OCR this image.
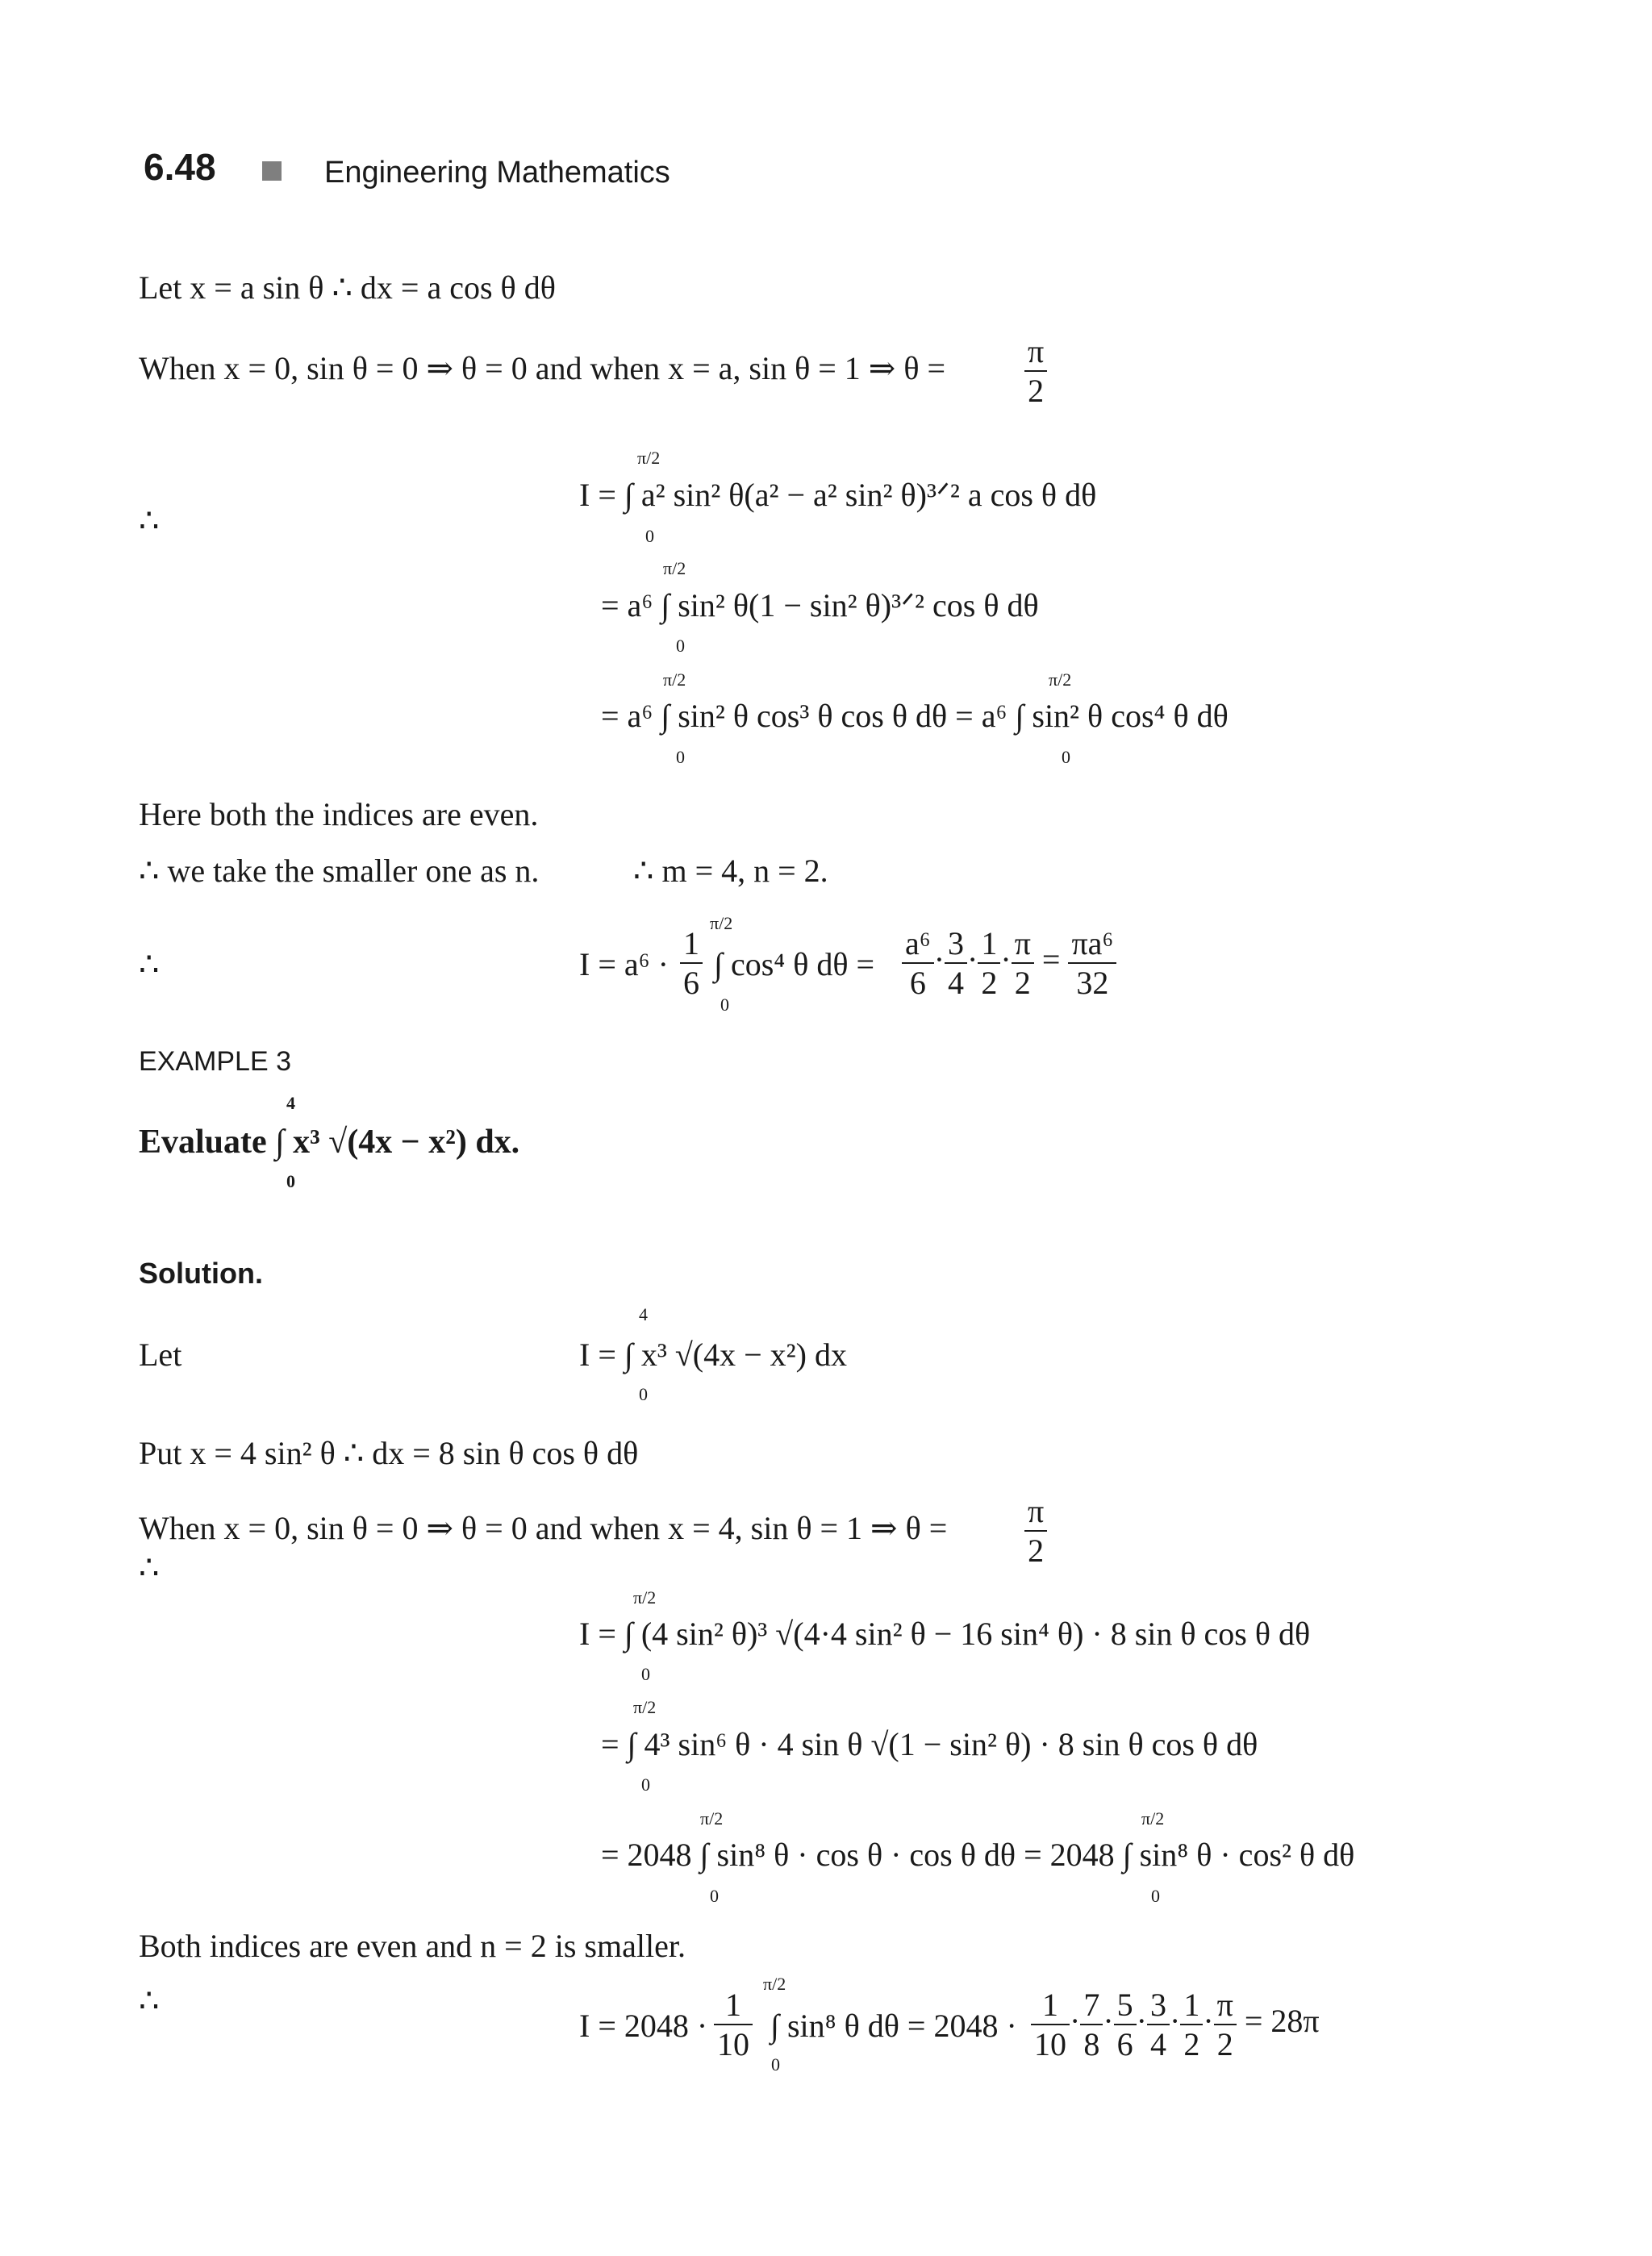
6.48	Engineering Mathematics
Let x = a sin θ ∴ dx = a cos θ dθ
When x = 0, sin θ = 0 ⇒ θ = 0 and when x = a, sin θ = 1 ⇒ $\theta = \frac{\pi}{2}$
∴
π/2
0
I = ∫ a² sin² θ(a² − a² sin² θ)³ᐟ² a cos θ dθ
π/2
0
= a⁶ ∫ sin² θ(1 − sin² θ)³ᐟ² cos θ dθ
π/2
0
π/2
0
= a⁶ ∫ sin² θ cos³ θ cos θ dθ = a⁶ ∫ sin² θ cos⁴ θ dθ
Here both the indices are even.
∴ we take the smaller one as n.	∴ m = 4, n = 2.
∴	$I = a^6 \cdot \frac{1}{6}$
π/2
0
∫ cos⁴ θ $d\theta = \frac{\text{a⁶}}{6} \cdot \frac{3}{4} \cdot \frac{1}{2} \cdot \frac{\pi}{2} = \frac{\text{πa⁶}}{32}$
EXAMPLE 3
4
0
Evaluate ∫ x³ √(4x − x²) dx.
Solution.
Let
4
0
I = ∫ x³ √(4x − x²) dx
Put x = 4 sin² θ ∴ dx = 8 sin θ cos θ dθ
When x = 0, sin θ = 0 ⇒ θ = 0 and when x = 4, sin θ = 1 ⇒ $\theta = \frac{\pi}{2}$
∴
π/2
0
I = ∫ (4 sin² θ)³ √(4·4 sin² θ − 16 sin⁴ θ) · 8 sin θ cos θ dθ
π/2
0
= ∫ 4³ sin⁶ θ · 4 sin θ √(1 − sin² θ) · 8 sin θ cos θ dθ
π/2
0
π/2
0
= 2048 ∫ sin⁸ θ · cos θ · cos θ dθ = 2048 ∫ sin⁸ θ · cos² θ dθ
Both indices are even and n = 2 is smaller.
∴
$I = 2048 \cdot \frac{1}{10}$
π/2
0
∫ sin⁸ θ $d\theta = 2048 \cdot \frac{1}{10} \cdot \frac{7}{8} \cdot \frac{5}{6} \cdot \frac{3}{4} \cdot \frac{1}{2} \cdot \frac{\pi}{2} = 28\pi$
